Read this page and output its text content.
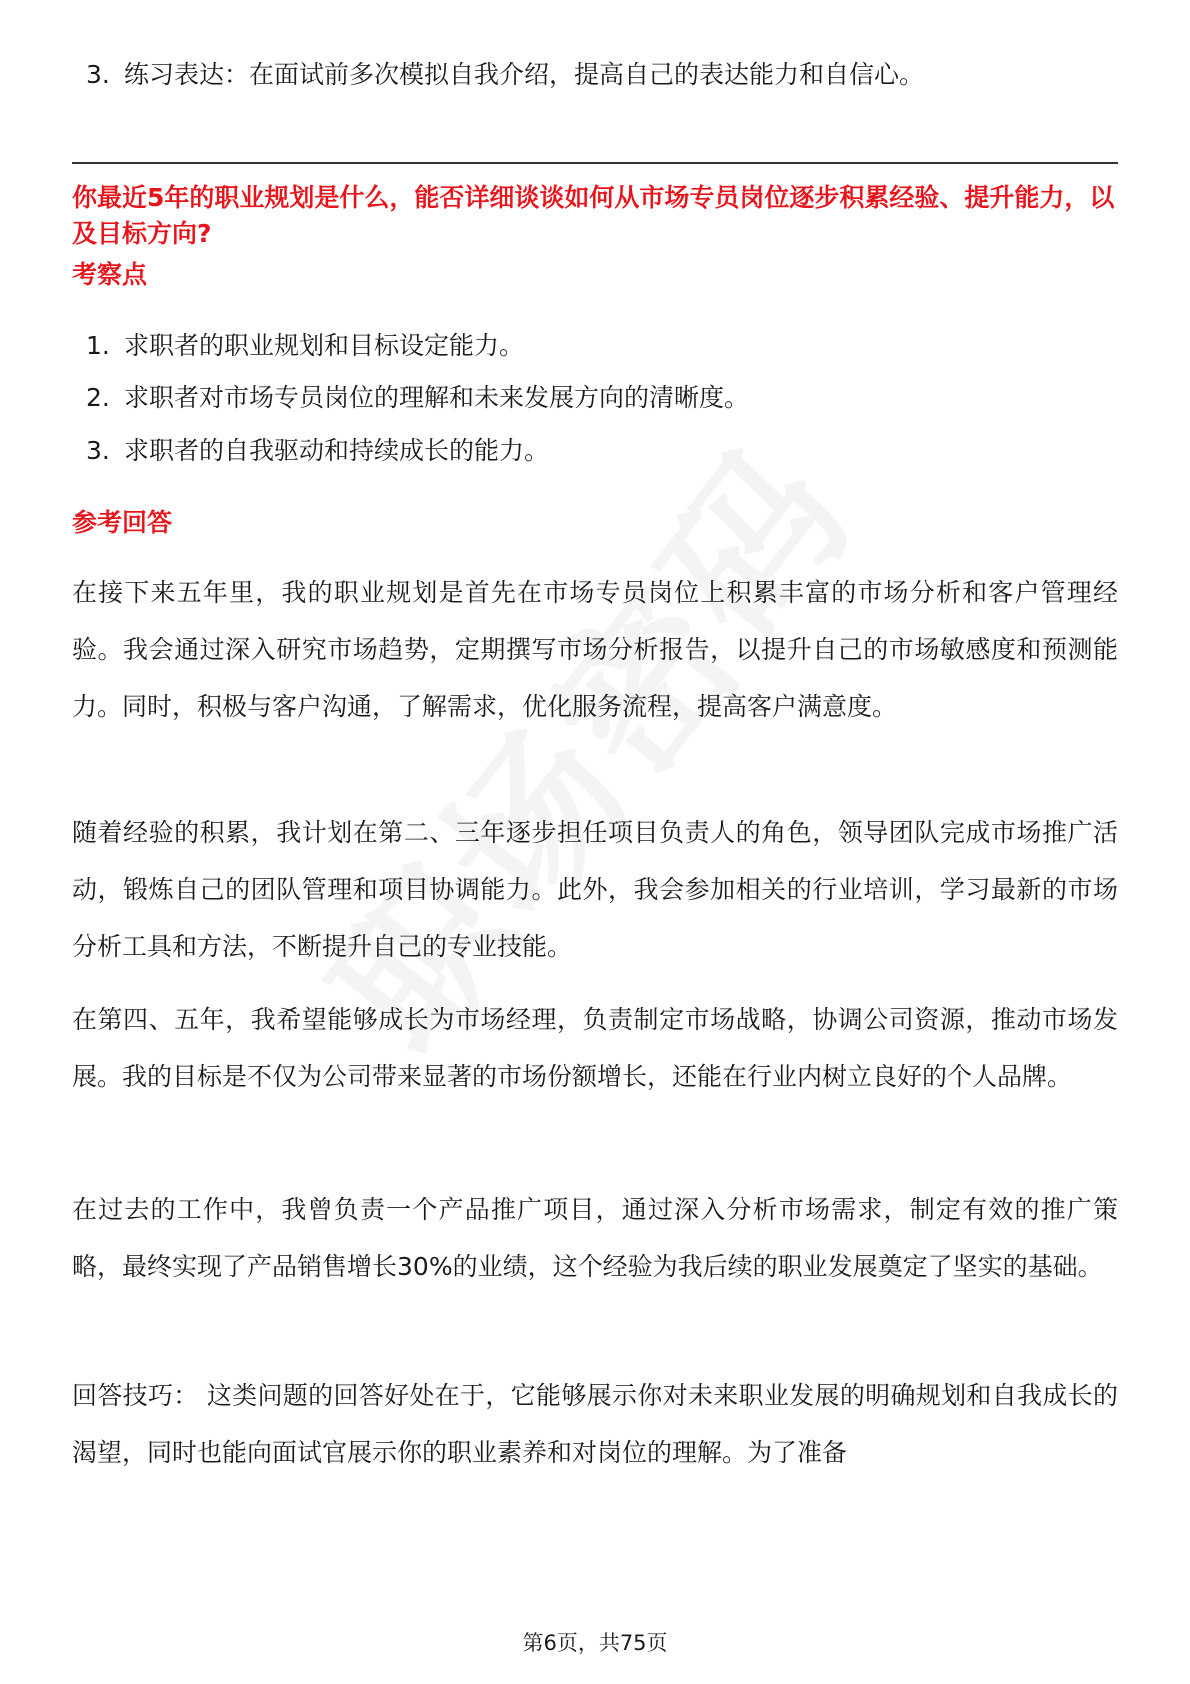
3. 练习表达：在面试前多次模拟自我介绍，提高自己的表达能力和自信心。

你最近5年的职业规划是什么，能否详细谈谈如何从市场专员岗位逐步积累经验、提升能力，以及目标方向?

考察点

1. 求职者的职业规划和目标设定能力。
2. 求职者对市场专员岗位的理解和未来发展方向的清晰度。
3. 求职者的自我驱动和持续成长的能力。

参考回答

在接下来五年里，我的职业规划是首先在市场专员岗位上积累丰富的市场分析和客户管理经验。我会通过深入研究市场趋势，定期撰写市场分析报告，以提升自己的市场敏感度和预测能力。同时，积极与客户沟通，了解需求，优化服务流程，提高客户满意度。

随着经验的积累，我计划在第二、三年逐步担任项目负责人的角色，领导团队完成市场推广活动，锻炼自己的团队管理和项目协调能力。此外，我会参加相关的行业培训，学习最新的市场分析工具和方法，不断提升自己的专业技能。

在第四、五年，我希望能够成长为市场经理，负责制定市场战略，协调公司资源，推动市场发展。我的目标是不仅为公司带来显著的市场份额增长，还能在行业内树立良好的个人品牌。

在过去的工作中，我曾负责一个产品推广项目，通过深入分析市场需求，制定有效的推广策略，最终实现了产品销售增长30%的业绩，这个经验为我后续的职业发展奠定了坚实的基础。

回答技巧： 这类问题的回答好处在于，它能够展示你对未来职业发展的明确规划和自我成长的渴望，同时也能向面试官展示你的职业素养和对岗位的理解。为了准备

第6页，共75页
